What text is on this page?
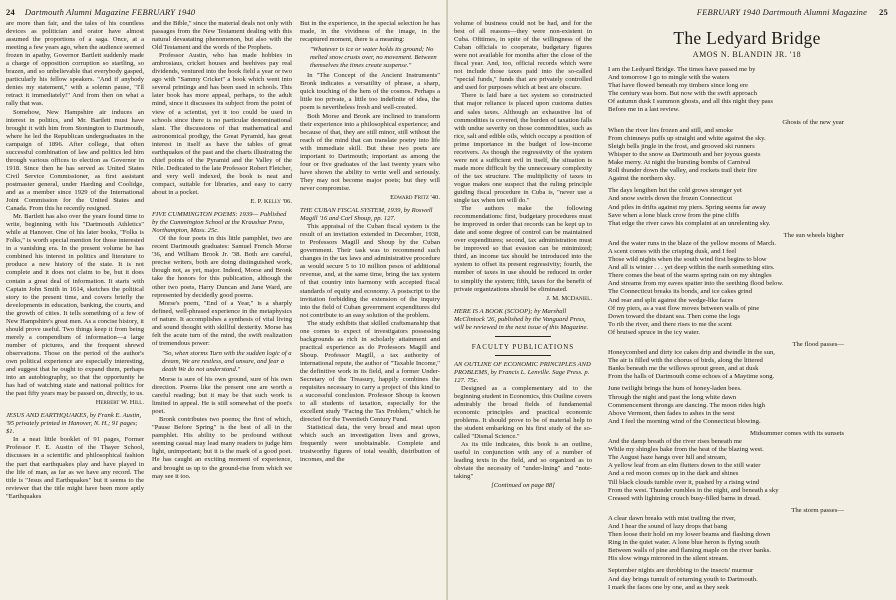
24 Dartmouth Alumni Magazine FEBRUARY 1940

are more than fair, and the tales of his countless devices as politician and orator have almost assumed the proportions of a saga. Once, at a meeting a few years ago, when the audience seemed frozen in apathy, Governor Bartlett suddenly made a charge of opposition corruption so startling, so brazen, and so unbelievable that everybody gasped, particularly his fellow speakers. "And if anybody denies my statement," with a solemn pause, "I'll retract it immediately!" And from then on what a rally that was.

Somehow, New Hampshire air induces an interest in politics, and Mr. Bartlett must have brought it with him from Stonington to Dartmouth, where he led the Republican undergraduates in the campaign of 1896. After college, that often successful combination of law and politics led him through various offices to election as Governor in 1918. Since then he has served as United States Civil Service Commissioner, as first assistant postmaster general, under Harding and Coolidge, and as a member since 1929 of the International Joint Commission for the United States and Canada. From this he recently resigned.

Mr. Bartlett has also over the years found time to write, beginning with his "Dartmouth Athletics" while at Hanover. One of his later books, "Folks is Folks," is worth special mention for those interested in a vanishing era. In the present volume he has combined his interest in politics and literature to produce a new history of the state. It is not complete and it does not claim to be, but it does contain a great deal of information. It starts with Captain John Smith in 1614, sketches the political story to the present time, and covers briefly the developments in education, banking, the courts, and the growth of cities. It tells something of a few of New Hampshire's great men. As a concise history, it should prove useful. Two things keep it from being merely a compendium of information—a large number of pictures, and the frequent shrewd observations. Those on the period of the author's own political experience are especially interesting, and suggest that he ought to expand them, perhaps into an autobiography, so that the opportunity he has had of watching state and national politics for the past fifty years may be passed on, directly, to us.

Herbert W. Hill.

JESUS AND EARTHQUAKES, by Frank E. Austin, '95 privately printed in Hanover, N. H.; 91 pages; $1.

In a neat little booklet of 91 pages, Former Professor F. E. Austin of the Thayer School, discusses in a scientific and philosophical fashion the part that earthquakes play and have played in the life of man, as far as we have any record. The title is "Jesus and Earthquakes" but it seems to the reviewer that the title might have been more aptly "Earthquakes

and the Bible," since the material deals not only with passages from the New Testament dealing with this natural devastating phenomenon, but also with the Old Testament and the words of the Prophets.

Professor Austin, who has made hobbies in ambrosiaus, cricket houses and beehives pay real dividends, ventured into the book field a year or two ago with "Sammy Cricket" a book which went into several printings and has been used in schools. This later book has more appeal, perhaps, to the adult mind, since it discusses its subject from the point of view of a scientist, yet it too could be used in schools since there is no particular denominational slant. The discussions of that mathematical and astronomical prodigy, the Great Pyramid, has great interest in itself as have the tables of great earthquakes of the past and the charts illustrating the chief points of the Pyramid and the Valley of the Nile. Dedicated to the late Professor Robert Fletcher, and very well indexed, the book is neat and compact, suitable for libraries, and easy to carry about in a pocket.

E. P. Kelly '06.

FIVE CUMMINGTON POEMS: 1939— Published by the Cummington School at the Kraushar Press, Northampton, Mass. 25c.

Of the four poets in this little pamphlet, two are recent Dartmouth graduates: Samuel French Morse '36, and William Brook Jr. '38. Both are careful, precise writers, both are doing distinguished work, though not, as yet, major. Indeed, Morse and Bronk take the honors for this publication, although the other two poets, Harry Duncan and Jane Ward, are represented by decidedly good poems.

Morse's poem, "End of a Year," is a sharply defined, well-phrased experience in the metaphysics of nature. It accomplishes a synthesis of vital living and sound thought with skillful dexterity. Morse has felt the acute turn of the mind, the swift realization of tremendous power:

"So, when storms Turn with the sudden logic of a dream, We are restless, and unsure, and fear a death We do not understand."

Morse is sure of his own ground, sure of his own direction. Poems like the present one are worth a careful reading; but it may be that such work is limited in appeal. He is still somewhat of the poet's poet.

Bronk contributes two poems; the first of which, "Pause Before Spring" is the best of all in the pamphlet. His ability to be profound without seeming casual may lead many readers to judge him light, unimportant; but it is the mark of a good poet. He has caught an exciting moment of experience, and brought us up to the ground-rise from which we may see it too.

But in the experience, in the special selection he has made, in the vividness of the image, in the recaptured moment, there is a meaning:

"Whatever is ice or water holds its ground; No melted snow crusts over, no movement. Between themselves the times create suspense."

In "The Concept of the Ancient Instruments" Bronk indicates a versatility of phrase, a sharp, quick touching of the hem of the cosmos. Perhaps a little too private, a little too indefinite of idea, the poem is nevertheless fresh and well-created.

Both Morse and Bronk are inclined to transform their experience into a philosophical experience; and because of that, they are still minor, still without the reach of the mind that can translate poetry into life with immediate skill. But these two poets are important to Dartmouth; important as among the four or five graduates of the last twenty years who have shown the ability to write well and seriously. They may not become major poets; but they will never compromise.

Edward Fritz '40.

THE CUBAN FISCAL SYSTEM, 1939, by Roswell Magill '16 and Carl Shoup, pp. 127.

This appraisal of the Cuban fiscal system is the result of an invitation extended in December, 1938, to Professors Magill and Shoup by the Cuban government. Their task was to recommend such changes in the tax laws and administrative procedure as would secure 5 to 10 million pesos of additional revenue, and, at the same time, bring the tax system of that country into harmony with accepted fiscal standards of equity and economy. A postscript to the invitation forbidding the extension of the inquiry into the field of Cuban government expenditures did not contribute to an easy solution of the problem.

The study exhibits that skilled craftsmanship that one comes to expect of investigators possessing backgrounds as rich in scholarly attainment and practical experience as do Professors Magill and Shoup. Professor Magill, a tax authority of international repute, the author of "Taxable Income," the definitive work in its field, and a former Under-Secretary of the Treasury, happily combines the requisites necessary to carry a project of this kind to a successful conclusion. Professor Shoup is known to all students of taxation, especially for the excellent study "Facing the Tax Problem," which he directed for the Twentieth Century Fund.

Statistical data, the very bread and meat upon which such an investigation lives and grows, frequently were unobtainable. Complete and trustworthy figures of total wealth, distribution of incomes, and the

FEBRUARY 1940 Dartmouth Alumni Magazine 25

volume of business could not be had, and for the best of all reasons—they were non-existent in Cuba. Ofttimes, in spite of the willingness of the Cuban officials to cooperate, budgetary figures were not available for months after the close of the fiscal year. And, too, official records which were not include those taxes paid into the so-called "special funds," funds that are privately controlled and used for purposes which at best are obscure.

There is laid bare a tax system so constructed that major reliance is placed upon customs duties and sales taxes. Although an exhaustive list of commodities is covered, the burden of taxation falls with undue severity on those commodities, such as rice, salt and edible oils, which occupy a position of prime importance in the budget of low-income receivers. As though the regressivity of the system were not a sufficient evil in itself, the situation is made more difficult by the unnecessary complexity of the tax structure. The multiplicity of taxes in vogue makes one suspect that the ruling principle guiding fiscal procedure in Cuba is, "never use a single tax when ten will do."

The authors make the following recommendations: first, budgetary procedures must be improved in order that records can be kept up to date and some degree of control can be maintained over expenditures; second, tax administration must be improved so that evasion can be minimized; third, an income tax should be introduced into the system to offset its present regressivity; fourth, the number of taxes in use should be reduced in order to simplify the system; fifth, taxes for the benefit of private organizations should be eliminated.

J. M. McDaniel.

HERE IS A BOOK (SCOOP); by Marshall McClintock '26, published by the Vanguard Press, will be reviewed in the next issue of this Magazine.

FACULTY PUBLICATIONS

AN OUTLINE OF ECONOMIC PRINCIPLES AND PROBLEMS, by Francis L. Lenville. Sage Press. p. 127. 75c.

Designed as a complementary aid to the beginning student in Economics, this Outline covers admirably the broad fields of fundamental economic principles and practical economic problems. It should prove to be of material help to the student embarking on his first study of the so-called "Dismal Science."

As its title indicates, this book is an outline, useful in conjunction with any of a number of leading texts in the field, and so organized as to obviate the necessity of "under-lining" and "note-taking"

[Continued on page 88]

The Ledyard Bridge
AMOS N. BLANDIN JR. '18
I am the Ledyard Bridge. The times have passed me by
And tomorrow I go to mingle with the waters
That have flowed beneath my timbers since long ere
The century was born. But now with the swift approach
Of autumn dusk I summon ghosts, and all this night they pass
Before me in a last review.
Ghosts of the new year
When the river lies frozen and still, and smoke
From chimneys puffs up straight and white against the sky.
Sleigh bells jingle in the frost, and grooved ski runners
Whisper to the snow as Dartmouth and her joyous guests
Make merry. At night the bursting bombs of Carnival
Roll thunder down the valley, and rockets trail their fire
Against the northern sky.
The days lengthen but the cold grows stronger yet
And snow swirls down the frozen Connecticut
And piles in drifts against my piers. Spring seems far away
Save when a lone black crow from the pine cliffs
That edge the river caws his complaint at an unrelenting sky.
The sun wheels higher
And the water runs in the blaze of the yellow moons of March.
A scent comes with the crisping dusk, and I feel
Those wild nights when the south wind first begins to blow
And all is winter . . . yet deep within the earth something stirs.
There comes the beat of the warm spring rain on my shingles
And streams from my eaves spatter into the seething flood below.
The Connecticut breaks its bonds, and ice cakes grind
And rear and split against the wedge-like faces
Of my piers, as a vast flow moves between walls of pine
Down toward the distant sea. Then come the logs
To rib the river, and there rises to me the scent
Of bruised spruce in the icy water.
The flood passes—
Honeycombed and dirty ice cakes drip and dwindle in the sun,
The air is filled with the chorus of birds, along the littered
Banks beneath me the willows sprout green, and at dusk
From the halls of Dartmouth come echoes of a Maytime song.
June twilight brings the hum of honey-laden bees.
Through the night and past the long white dawn
Commencement throngs are dancing. The moon rides high
Above Vermont, then fades to ashes in the west
And I feel the morning wind of the Connecticut blowing.
Midsummer comes with its sunsets
And the damp breath of the river rises beneath me
While my shingles bake from the heat of the blazing west.
The August haze hangs over hill and stream,
A yellow leaf from an elm flutters down to the still water
And a red moon comes up in the dark and shines
Till black clouds tumble over it, pushed by a rising wind
From the west. Thunder rumbles in the night, and beneath a sky
Creased with lightning crouch busy-filled barns in dread.
The storm passes—
A clear dawn breaks with mist trailing the river,
And I hear the sound of lazy drops that bang
Then loose their hold on my lower beams and flashing down
Ring in the quiet water. A lone blue heron is flying south
Between walls of pine and flaming maple on the river banks.
His slow wings mirrored in the silent stream.
September nights are throbbing to the insects' murmur
And day brings tumult of returning youth to Dartmouth.
I mark the faces one by one, and as they seek
